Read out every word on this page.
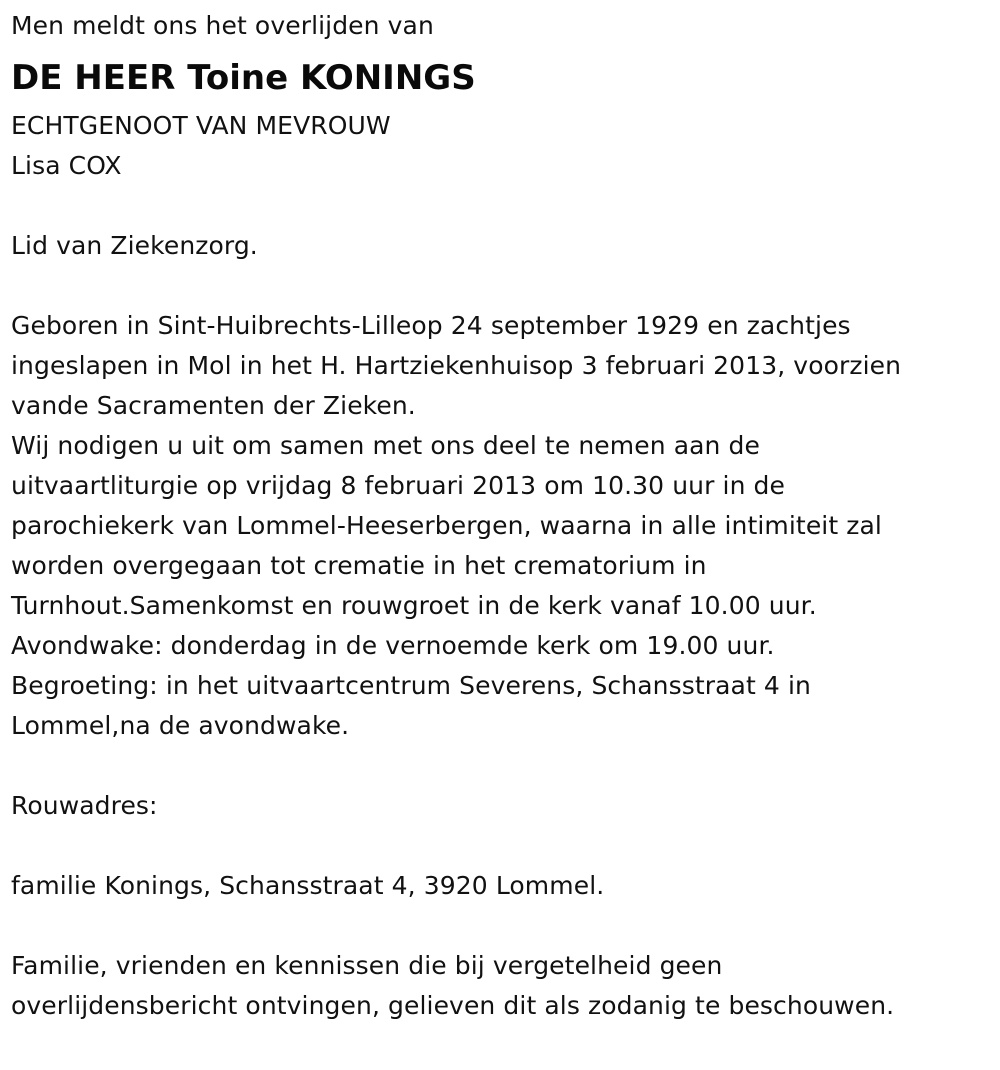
Men meldt ons het overlijden van
DE HEER Toine KONINGS
ECHTGENOOT VAN MEVROUW
Lisa COX
Lid van Ziekenzorg.
Geboren in Sint-Huibrechts-Lilleop 24 september 1929 en zachtjes
ingeslapen in Mol in het H. Hartziekenhuisop 3 februari 2013, voorzien
vande Sacramenten der Zieken.
Wij nodigen u uit om samen met ons deel te nemen aan de
uitvaartliturgie op vrijdag 8 februari 2013 om 10.30 uur in de
parochiekerk van Lommel-Heeserbergen, waarna in alle intimiteit zal
worden overgegaan tot crematie in het crematorium in
Turnhout.Samenkomst en rouwgroet in de kerk vanaf 10.00 uur.
Avondwake: donderdag in de vernoemde kerk om 19.00 uur.
Begroeting: in het uitvaartcentrum Severens, Schansstraat 4 in
Lommel,na de avondwake.
Rouwadres:
familie Konings, Schansstraat 4, 3920 Lommel.
Familie, vrienden en kennissen die bij vergetelheid geen
overlijdensbericht ontvingen, gelieven dit als zodanig te beschouwen.
